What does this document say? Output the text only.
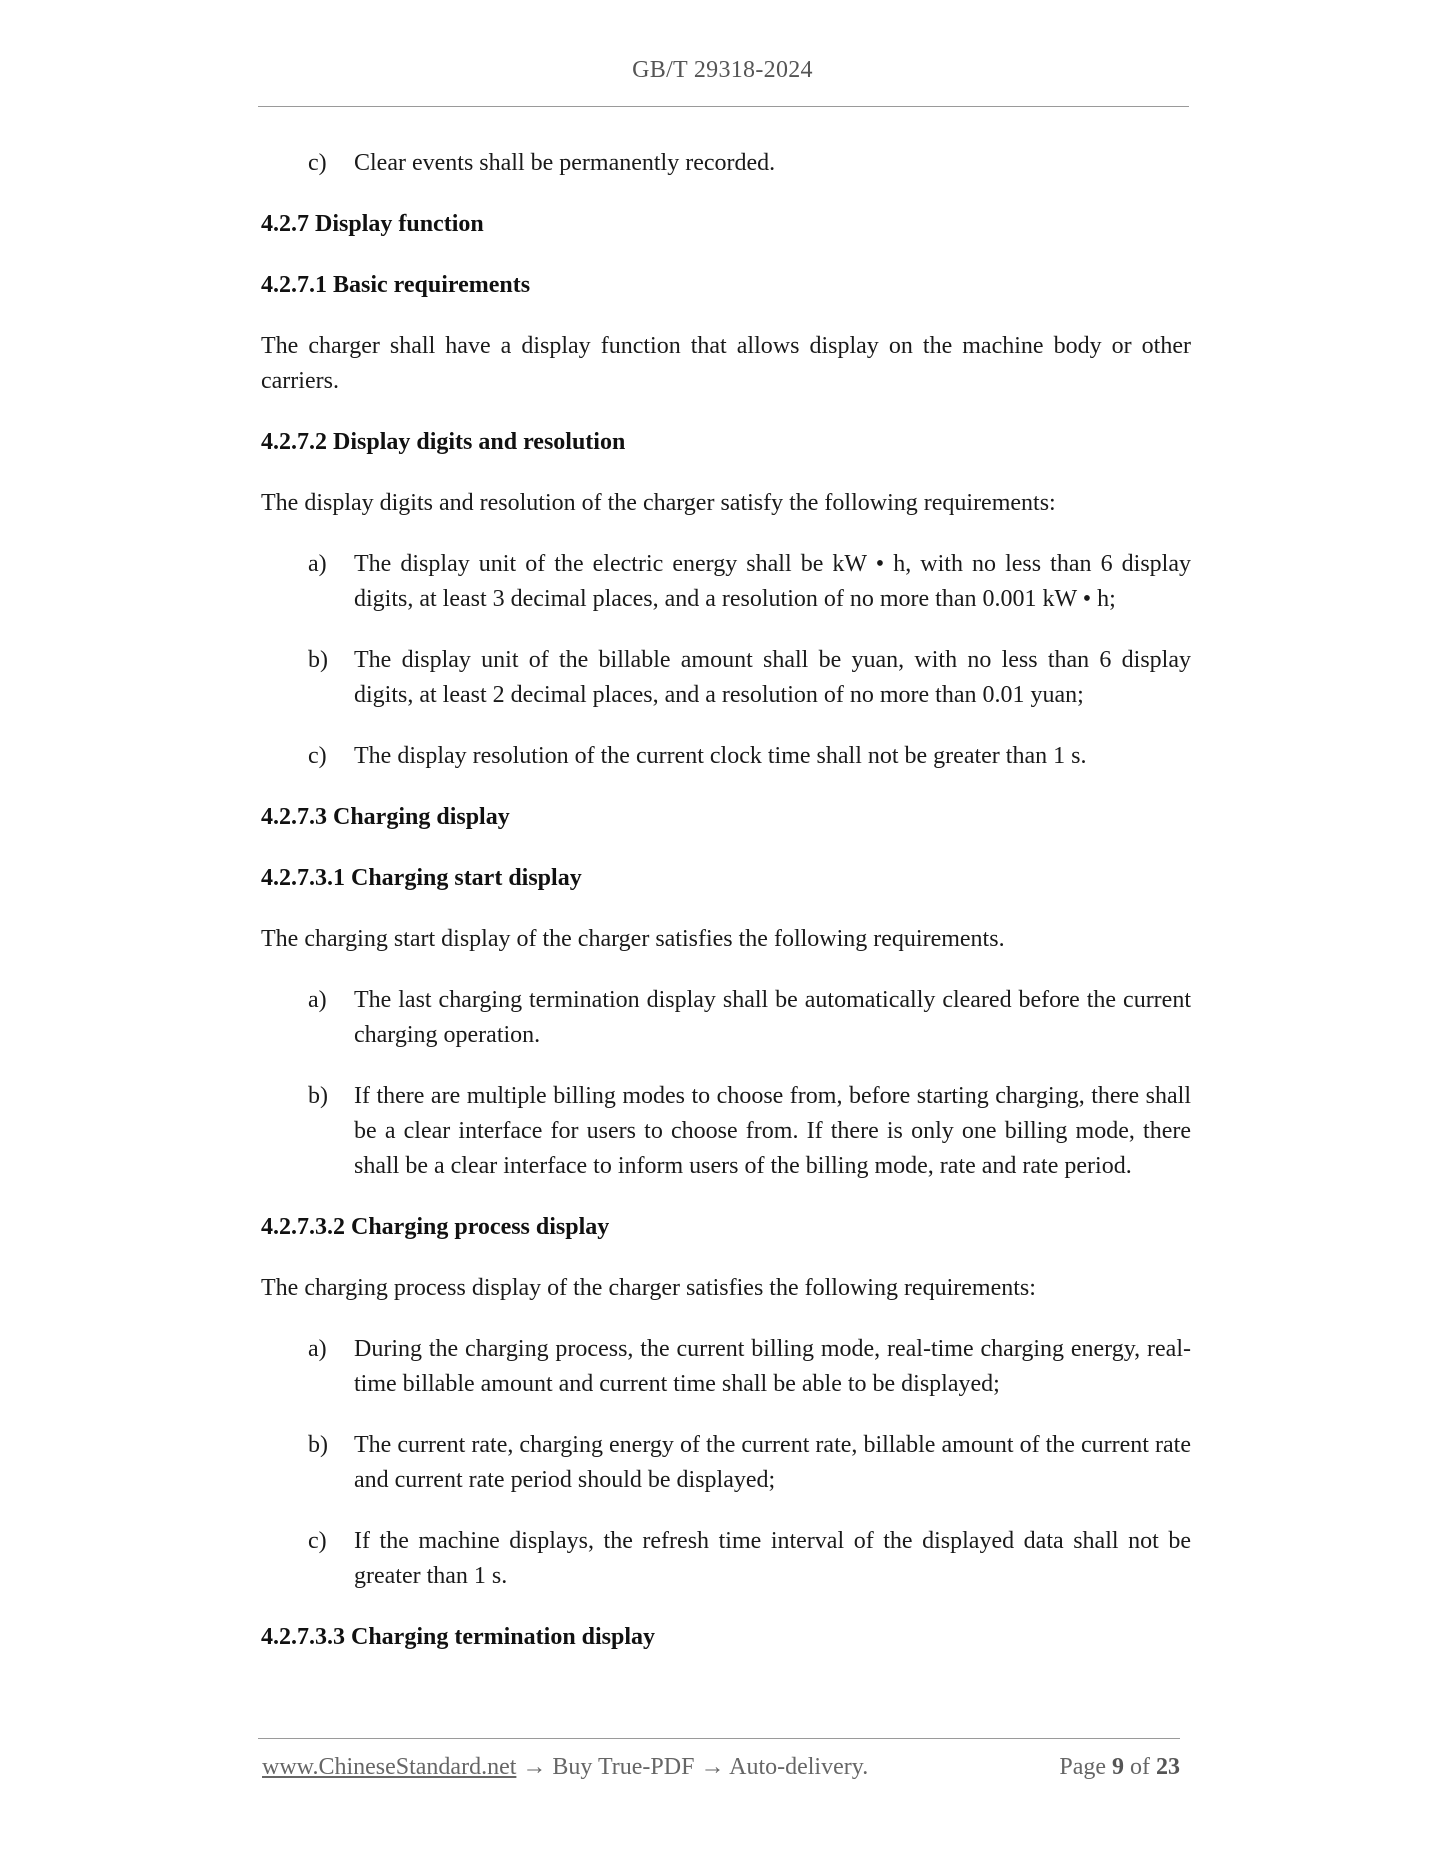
GB/T 29318-2024
c)	Clear events shall be permanently recorded.
4.2.7 Display function
4.2.7.1 Basic requirements
The charger shall have a display function that allows display on the machine body or other carriers.
4.2.7.2 Display digits and resolution
The display digits and resolution of the charger satisfy the following requirements:
a)	The display unit of the electric energy shall be kW • h, with no less than 6 display digits, at least 3 decimal places, and a resolution of no more than 0.001 kW • h;
b)	The display unit of the billable amount shall be yuan, with no less than 6 display digits, at least 2 decimal places, and a resolution of no more than 0.01 yuan;
c)	The display resolution of the current clock time shall not be greater than 1 s.
4.2.7.3 Charging display
4.2.7.3.1 Charging start display
The charging start display of the charger satisfies the following requirements.
a)	The last charging termination display shall be automatically cleared before the current charging operation.
b)	If there are multiple billing modes to choose from, before starting charging, there shall be a clear interface for users to choose from. If there is only one billing mode, there shall be a clear interface to inform users of the billing mode, rate and rate period.
4.2.7.3.2 Charging process display
The charging process display of the charger satisfies the following requirements:
a)	During the charging process, the current billing mode, real-time charging energy, real-time billable amount and current time shall be able to be displayed;
b)	The current rate, charging energy of the current rate, billable amount of the current rate and current rate period should be displayed;
c)	If the machine displays, the refresh time interval of the displayed data shall not be greater than 1 s.
4.2.7.3.3 Charging termination display
www.ChineseStandard.net → Buy True-PDF → Auto-delivery.	Page 9 of 23
